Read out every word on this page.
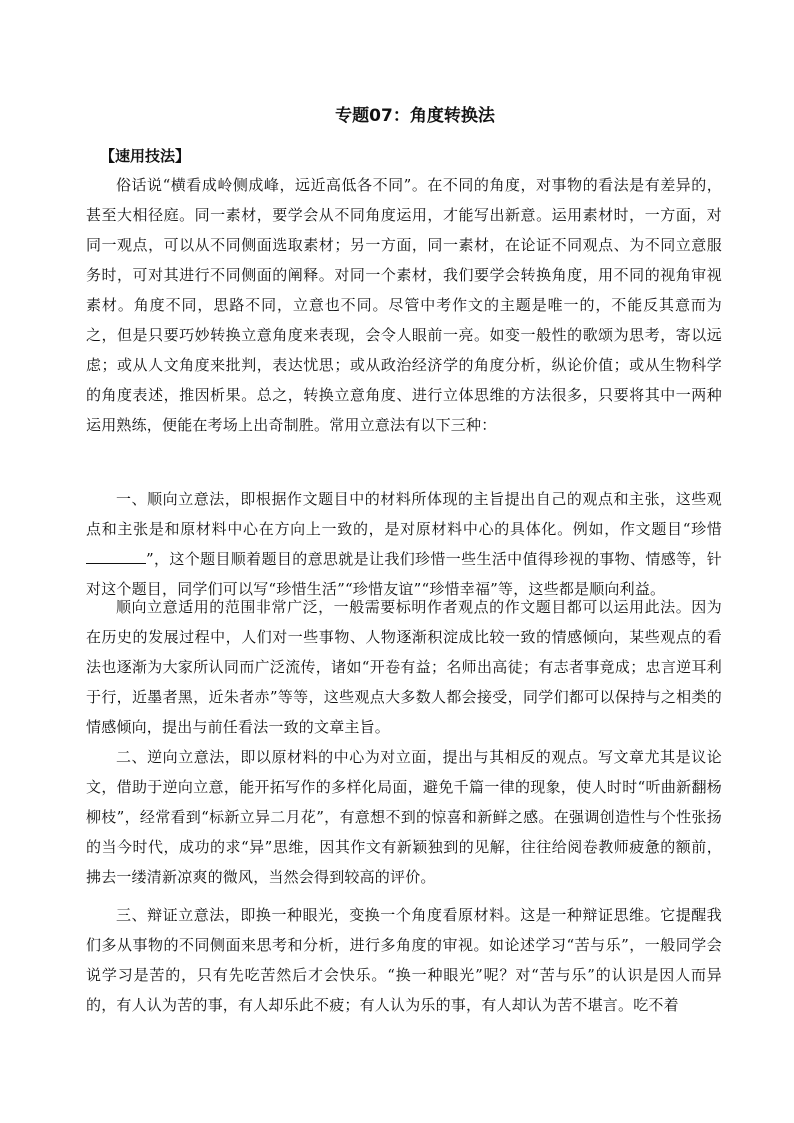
专题07：角度转换法
【速用技法】

俗话说“横看成岭侧成峰，远近高低各不同”。在不同的角度，对事物的看法是有差异的，甚至大相径庭。同一素材，要学会从不同角度运用，才能写出新意。运用素材时，一方面，对同一观点，可以从不同侧面选取素材；另一方面，同一素材，在论证不同观点、为不同立意服务时，可对其进行不同侧面的阐释。对同一个素材，我们要学会转换角度，用不同的视角审视素材。角度不同，思路不同，立意也不同。尽管中考作文的主题是唯一的，不能反其意而为之，但是只要巧妙转换立意角度来表现，会令人眼前一亮。如变一般性的歌颂为思考，寄以远虑；或从人文角度来批判，表达忧思；或从政治经济学的角度分析，纵论价值；或从生物科学的角度表述，推因析果。总之，转换立意角度、进行立体思维的方法很多，只要将其中一两种运用熟练，便能在考场上出奇制胜。常用立意法有以下三种：

一、顺向立意法，即根据作文题目中的材料所体现的主旨提出自己的观点和主张，这些观点和主张是和原材料中心在方向上一致的，是对原材料中心的具体化。例如，作文题目“珍惜”，这个题目顺着题目的意思就是让我们珍惜一些生活中值得珍视的事物、情感等，针对这个题目，同学们可以写“珍惜生活”“珍惜友谊”“珍惜幸福”等，这些都是顺向利益。

顺向立意适用的范围非常广泛，一般需要标明作者观点的作文题目都可以运用此法。因为在历史的发展过程中，人们对一些事物、人物逐渐积淀成比较一致的情感倾向，某些观点的看法也逐渐为大家所认同而广泛流传，诸如“开卷有益；名师出高徒；有志者事竟成；忠言逆耳利于行，近墨者黑，近朱者赤”等等，这些观点大多数人都会接受，同学们都可以保持与之相类的情感倾向，提出与前任看法一致的文章主旨。

二、逆向立意法，即以原材料的中心为对立面，提出与其相反的观点。写文章尤其是议论文，借助于逆向立意，能开拓写作的多样化局面，避免千篇一律的现象，使人时时“听曲新翻杨柳枝”，经常看到“标新立异二月花”，有意想不到的惊喜和新鲜之感。在强调创造性与个性张扬的当今时代，成功的求“异”思维，因其作文有新颖独到的见解，往往给阅卷教师疲惫的额前，拂去一缕清新凉爽的微风，当然会得到较高的评价。

三、辩证立意法，即换一种眼光，变换一个角度看原材料。这是一种辩证思维。它提醒我们多从事物的不同侧面来思考和分析，进行多角度的审视。如论述学习“苦与乐”，一般同学会说学习是苦的，只有先吃苦然后才会快乐。“换一种眼光”呢？对“苦与乐”的认识是因人而异的，有人认为苦的事，有人却乐此不疲；有人认为乐的事，有人却认为苦不堪言。吃不着
